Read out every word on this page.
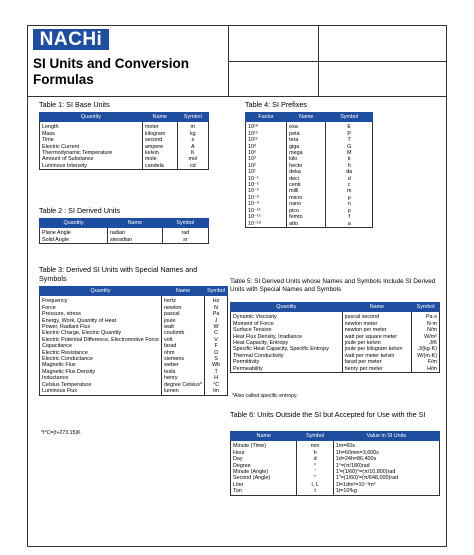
NACHi
SI Units and Conversion Formulas
Table 1: SI Base Units
Quantity	Name	Symbol
Length	meter	m
Mass	kilogram	kg
Time	second	s
Electric Current	ampere	A
Thermodynamic Temperature	kelvin	K
Amount of Substance	mole	mol
Luminous Intensity	candela	cd
Table 2 : SI Derived Units
Quantity	Name	Symbol
Plane Angle	radian	rad
Solid Angle	steradian	sr
Table 3: Derived SI Units with Special Names and Symbols
Quantity	Name	Symbol
Frequency	hertz	Hz
Force	newton	N
Pressure, stress	pascal	Pa
Energy, Work, Quantity of Heat	joule	J
Power, Radiant Flux	watt	W
Electric Charge, Electric Quantity	coulomb	C
Electric Potential Difference, Electromotive Force	volt	V
Capacitance	farad	F
Electric Resistance	ohm	Ω
Electric Conductance	siemens	S
Magnetic Flux	weber	Wb
Magnetic Flux Density	tesla	T
Inductance	henry	H
Celsius Temperature	degree Celsius*	°C
Luminous Flux	lumen	lm
*t°C=(t+273.15)K
Table 4: SI Prefixes
Factor	Name	Symbol
10¹⁸	exa	E
10¹⁵	peta	P
10¹²	tera	T
10⁹	giga	G
10⁶	mega	M
10³	kilo	k
10²	hecto	h
10¹	deka	da
10⁻¹	deci	d
10⁻²	centi	c
10⁻³	milli	m
10⁻⁶	micro	μ
10⁻⁹	nano	n
10⁻¹²	pico	p
10⁻¹⁵	femto	f
10⁻¹⁸	atto	a
Table 5: SI Derived Units whose Names and Symbols Include SI Derived Units with Special Names and Symbols
Quantity	Name	Symbol
Dynamic Viscosity	pascal second	Pa·s
Moment of Force	newton meter	N·m
Surface Tension	newton per meter	N/m
Heat Flux Density, Irradiance	watt per square meter	W/m²
Heat Capacity, Entropy	joule per kelvin	J/K
Specific Heat Capacity, Specific Entropy	joule per kilogram kelvin	J/(kg·K)
Thermal Conductivity	watt per meter kelvin	W/(m·K)
Permittivity	farad per meter	F/m
Permeability	henry per meter	H/m
*Also called specific entropy.
Table 6: Units Outside the SI but Accepted for Use with the SI
Name	Symbol	Value in SI Units
Minute (Time)	min	1m=60s
Hour	h	1h=60min=3,600s
Day	d	1d=24h=86,400s
Degree	°	1°=(π/180)rad
Minute (Angle)	'	1'=(1/60)°=(π/10,800)rad
Second (Angle)	"	1"=(1/60)'=(π/648,000)rad
Liter	l, L	1l=1dm³=10⁻³m³
Ton	t	1t=10³kg
